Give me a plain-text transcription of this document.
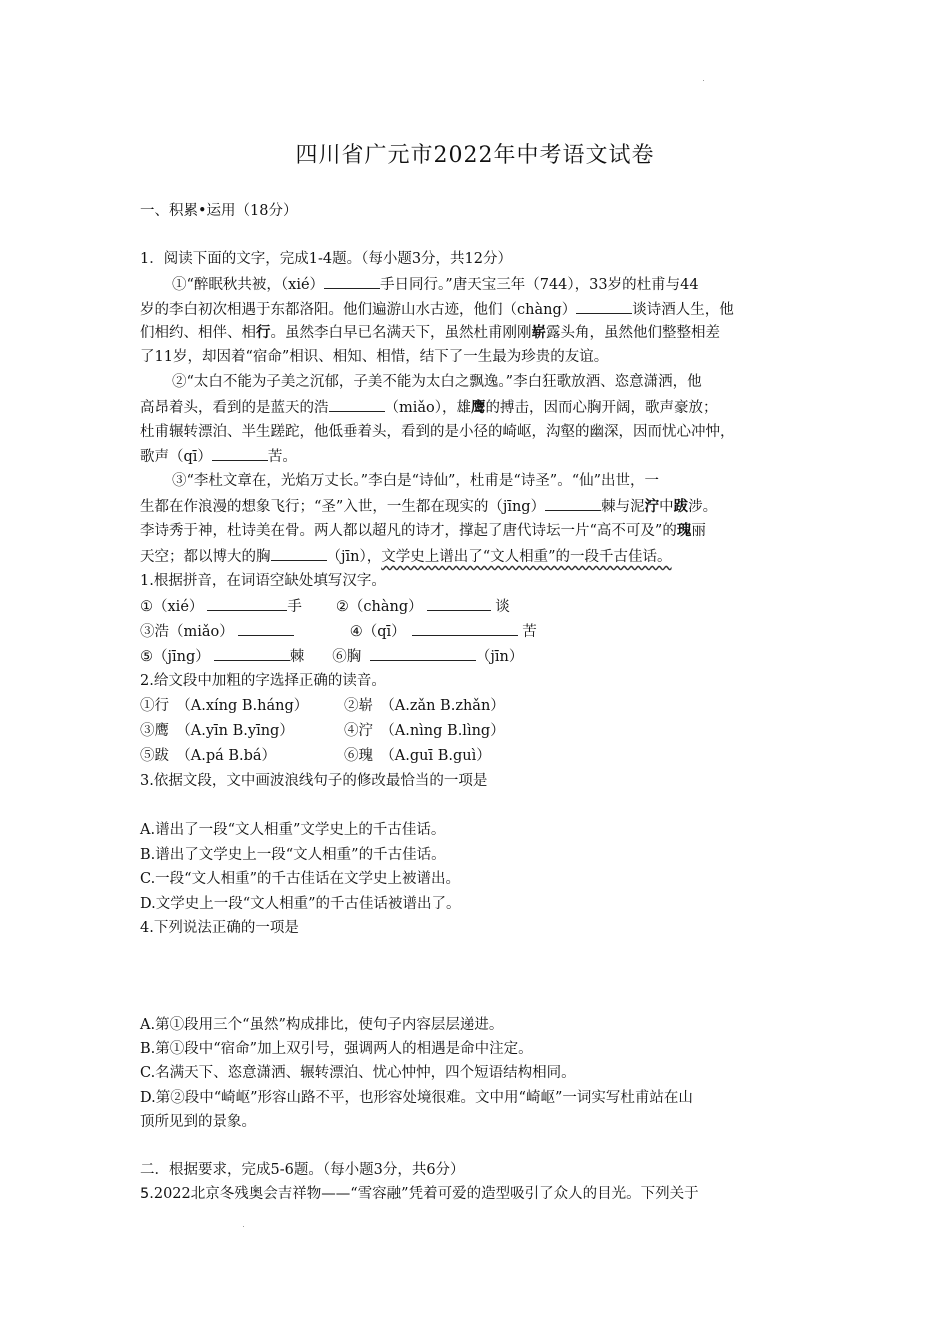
四川省广元市2022年中考语文试卷
一、积累•运用（18分）
1．阅读下面的文字，完成1-4题。（每小题3分，共12分）
①“醉眠秋共被，（xié）	手日同行。”唐天宝三年（744），33岁的杜甫与44
岁的李白初次相遇于东都洛阳。他们遍游山水古迹，他们（chàng）	谈诗酒人生，他
们相约、相伴、相行。虽然李白早已名满天下，虽然杜甫刚刚崭露头角，虽然他们整整相差
了11岁，却因着“宿命”相识、相知、相惜，结下了一生最为珍贵的友谊。
②“太白不能为子美之沉郁，子美不能为太白之飘逸。”李白狂歌放酒、恣意潇洒，他
高昂着头，看到的是蓝天的浩	（miǎo），雄鹰的搏击，因而心胸开阔，歌声豪放；
杜甫辗转漂泊、半生蹉跎，他低垂着头，看到的是小径的崎岖，沟壑的幽深，因而忧心冲忡，
歌声（qī）	苦。
③“李杜文章在，光焰万丈长。”李白是“诗仙”，杜甫是“诗圣”。“仙”出世，一
生都在作浪漫的想象飞行；“圣”入世，一生都在现实的（jīng）	棘与泥泞中跋涉。
李诗秀于神，杜诗美在骨。两人都以超凡的诗才，撑起了唐代诗坛一片“高不可及”的瑰丽
天空；都以博大的胸	（jīn），文学史上谱出了“文人相重”的一段千古佳话。
1.根据拼音，在词语空缺处填写汉字。
①（xié）	手 ②（chàng）	谈
③浩（miǎo）	④（qī）	苦
⑤（jīng）	棘 ⑥胸	（jīn）
2.给文段中加粗的字选择正确的读音。
①行　（A.xíng B.háng） ②崭　（A.zǎn B.zhǎn）
③鹰　（A.yīn B.yīng）	④泞　（A.nìng B.lìng）
⑤跋　（A.pá B.bá）	⑥瑰　（A.guī B.guì）
3.依据文段，文中画波浪线句子的修改最恰当的一项是
A.谱出了一段“文人相重”文学史上的千古佳话。
B.谱出了文学史上一段“文人相重”的千古佳话。
C.一段“文人相重”的千古佳话在文学史上被谱出。
D.文学史上一段“文人相重”的千古佳话被谱出了。
4.下列说法正确的一项是
A.第①段用三个“虽然”构成排比，使句子内容层层递进。
B.第①段中“宿命”加上双引号，强调两人的相遇是命中注定。
C.名满天下、恣意潇洒、辗转漂泊、忧心忡忡，四个短语结构相同。
D.第②段中“崎岖”形容山路不平，也形容处境很难。文中用“崎岖”一词实写杜甫站在山
顶所见到的景象。
二．根据要求，完成5-6题。（每小题3分，共6分）
5.2022北京冬残奥会吉祥物——“雪容融”凭着可爱的造型吸引了众人的目光。下列关于
